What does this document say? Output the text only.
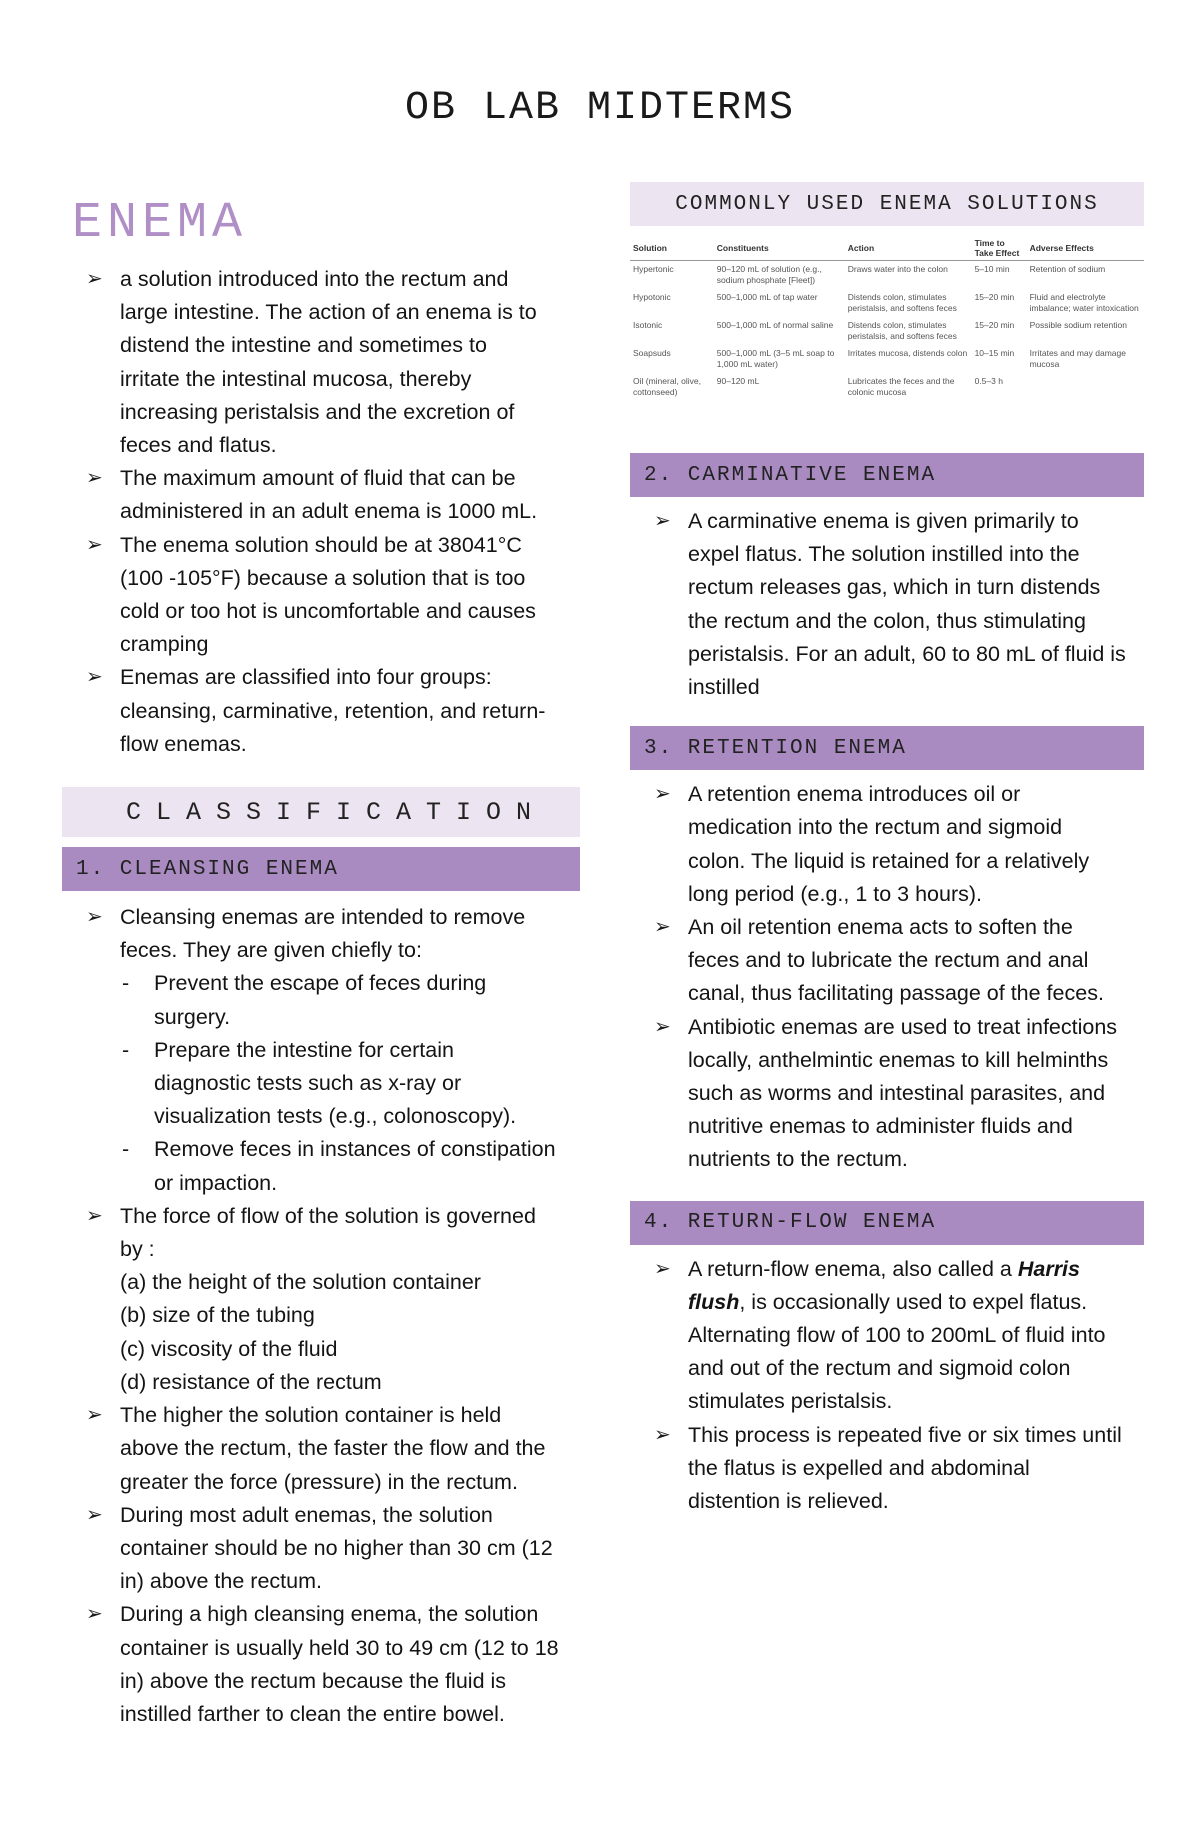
OB LAB MIDTERMS
ENEMA
➢ a solution introduced into the rectum and
large intestine. The action of an enema is to
distend the intestine and sometimes to
irritate the intestinal mucosa, thereby
increasing peristalsis and the excretion of
feces and flatus.
➢ The maximum amount of fluid that can be
administered in an adult enema is 1000 mL.
➢ The enema solution should be at 38041°C
(100 -105°F) because a solution that is too
cold or too hot is uncomfortable and causes
cramping
➢ Enemas are classified into four groups:
cleansing, carminative, retention, and return-
flow enemas.
CLASSIFICATION
1. CLEANSING ENEMA
➢ Cleansing enemas are intended to remove
feces. They are given chiefly to:
- Prevent the escape of feces during
surgery.
- Prepare the intestine for certain
diagnostic tests such as x-ray or
visualization tests (e.g., colonoscopy).
- Remove feces in instances of constipation
or impaction.
➢ The force of flow of the solution is governed
by :
(a) the height of the solution container
(b) size of the tubing
(c) viscosity of the fluid
(d) resistance of the rectum
➢ The higher the solution container is held
above the rectum, the faster the flow and the
greater the force (pressure) in the rectum.
➢ During most adult enemas, the solution
container should be no higher than 30 cm (12
in) above the rectum.
➢ During a high cleansing enema, the solution
container is usually held 30 to 49 cm (12 to 18
in) above the rectum because the fluid is
instilled farther to clean the entire bowel.
COMMONLY USED ENEMA SOLUTIONS
Solution	Constituents	Action	Time to Take Effect	Adverse Effects
Hypertonic	90–120 mL of solution (e.g., sodium phosphate [Fleet])	Draws water into the colon	5–10 min	Retention of sodium
Hypotonic	500–1,000 mL of tap water	Distends colon, stimulates peristalsis, and softens feces	15–20 min	Fluid and electrolyte imbalance; water intoxication
Isotonic	500–1,000 mL of normal saline	Distends colon, stimulates peristalsis, and softens feces	15–20 min	Possible sodium retention
Soapsuds	500–1,000 mL (3–5 mL soap to 1,000 mL water)	Irritates mucosa, distends colon	10–15 min	Irritates and may damage mucosa
Oil (mineral, olive, cottonseed)	90–120 mL	Lubricates the feces and the colonic mucosa	0.5–3 h	
2. CARMINATIVE ENEMA
➢ A carminative enema is given primarily to
expel flatus. The solution instilled into the
rectum releases gas, which in turn distends
the rectum and the colon, thus stimulating
peristalsis. For an adult, 60 to 80 mL of fluid is
instilled
3. RETENTION ENEMA
➢ A retention enema introduces oil or
medication into the rectum and sigmoid
colon. The liquid is retained for a relatively
long period (e.g., 1 to 3 hours).
➢ An oil retention enema acts to soften the
feces and to lubricate the rectum and anal
canal, thus facilitating passage of the feces.
➢ Antibiotic enemas are used to treat infections
locally, anthelmintic enemas to kill helminths
such as worms and intestinal parasites, and
nutritive enemas to administer fluids and
nutrients to the rectum.
4. RETURN-FLOW ENEMA
➢ A return-flow enema, also called a Harris
flush, is occasionally used to expel flatus.
Alternating flow of 100 to 200mL of fluid into
and out of the rectum and sigmoid colon
stimulates peristalsis.
➢ This process is repeated five or six times until
the flatus is expelled and abdominal
distention is relieved.
